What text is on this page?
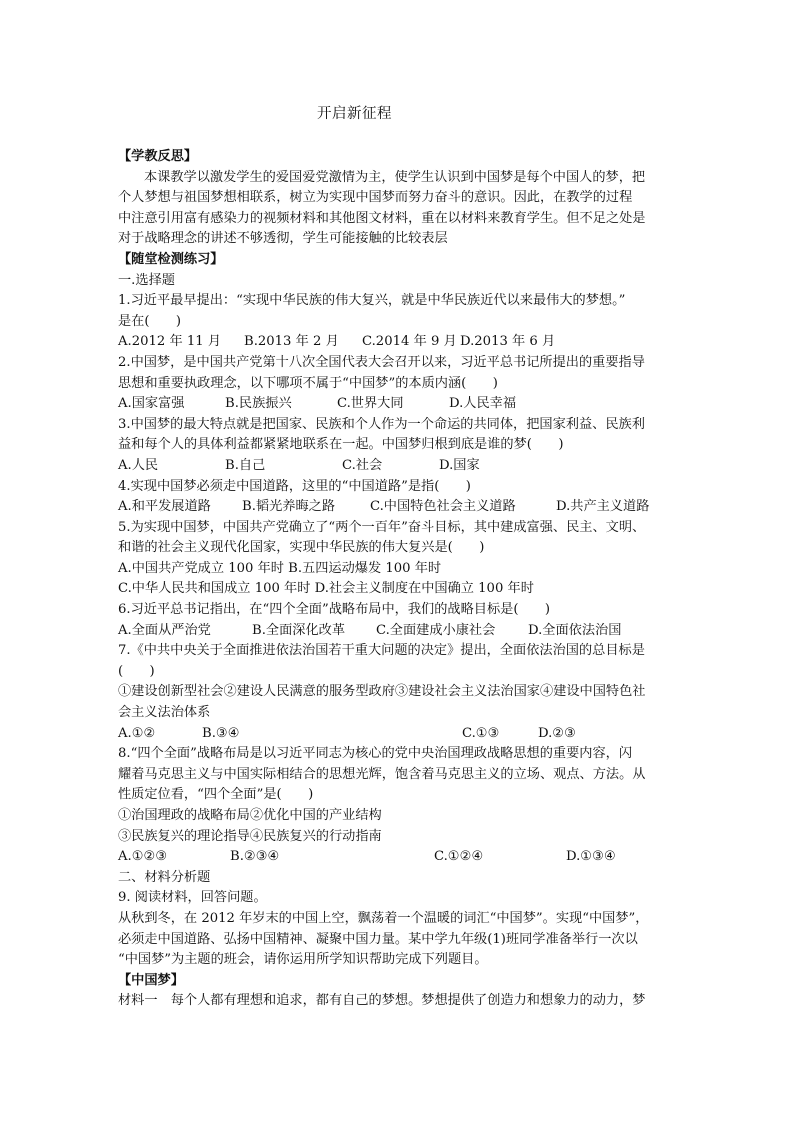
开启新征程
【学教反思】
本课教学以激发学生的爱国爱党激情为主，使学生认识到中国梦是每个中国人的梦，把
个人梦想与祖国梦想相联系，树立为实现中国梦而努力奋斗的意识。因此，在教学的过程
中注意引用富有感染力的视频材料和其他图文材料，重在以材料来教育学生。但不足之处是
对于战略理念的讲述不够透彻，学生可能接触的比较表层
【随堂检测练习】
一.选择题
1.习近平最早提出：“实现中华民族的伟大复兴，就是中华民族近代以来最伟大的梦想。”
是在(　　)
A.2012 年 11 月	B.2013 年 2 月	C.2014 年 9 月 D.2013 年 6 月
2.中国梦，是中国共产党第十八次全国代表大会召开以来，习近平总书记所提出的重要指导
思想和重要执政理念，以下哪项不属于“中国梦”的本质内涵(　　)
A.国家富强	B.民族振兴	C.世界大同	D.人民幸福
3.中国梦的最大特点就是把国家、民族和个人作为一个命运的共同体，把国家利益、民族利
益和每个人的具体利益都紧紧地联系在一起。中国梦归根到底是谁的梦(　　)
A.人民	B.自己	C.社会	D.国家
4.实现中国梦必须走中国道路，这里的“中国道路”是指(　　)
A.和平发展道路	B.韬光养晦之路	C.中国特色社会主义道路	D.共产主义道路
5.为实现中国梦，中国共产党确立了“两个一百年”奋斗目标，其中建成富强、民主、文明、
和谐的社会主义现代化国家，实现中华民族的伟大复兴是(　　)
A.中国共产党成立 100 年时 B.五四运动爆发 100 年时
C.中华人民共和国成立 100 年时 D.社会主义制度在中国确立 100 年时
6.习近平总书记指出，在“四个全面”战略布局中，我们的战略目标是(　　)
A.全面从严治党	B.全面深化改革	C.全面建成小康社会	D.全面依法治国
7.《中共中央关于全面推进依法治国若干重大问题的决定》提出，全面依法治国的总目标是
(　　)
①建设创新型社会②建设人民满意的服务型政府③建设社会主义法治国家④建设中国特色社
会主义法治体系
A.①②	B.③④	C.①③	D.②③
8.“四个全面”战略布局是以习近平同志为核心的党中央治国理政战略思想的重要内容，闪
耀着马克思主义与中国实际相结合的思想光辉，饱含着马克思主义的立场、观点、方法。从
性质定位看，“四个全面”是(　　)
①治国理政的战略布局②优化中国的产业结构
③民族复兴的理论指导④民族复兴的行动指南
A.①②③	B.②③④	C.①②④	D.①③④
二、材料分析题
9. 阅读材料，回答问题。
从秋到冬，在 2012 年岁末的中国上空，飘荡着一个温暖的词汇“中国梦”。实现“中国梦”，
必须走中国道路、弘扬中国精神、凝聚中国力量。某中学九年级(1)班同学准备举行一次以
“中国梦”为主题的班会，请你运用所学知识帮助完成下列题目。
【中国梦】
材料一　每个人都有理想和追求，都有自己的梦想。梦想提供了创造力和想象力的动力，梦
